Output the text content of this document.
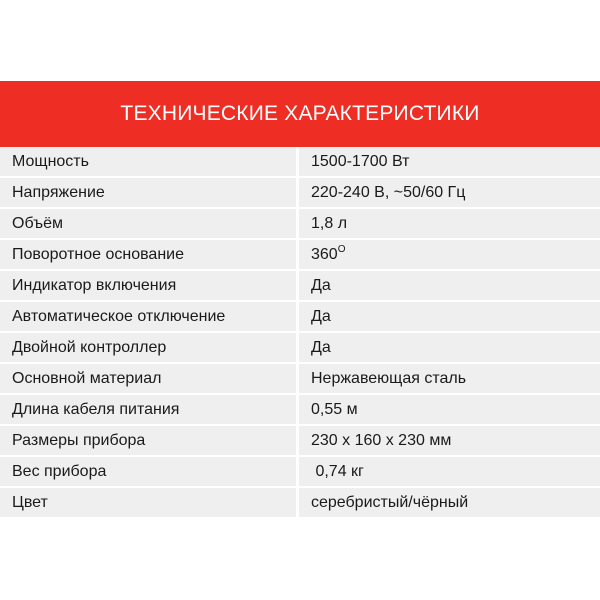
ТЕХНИЧЕСКИЕ ХАРАКТЕРИСТИКИ
Мощность	1500-1700 Вт
Напряжение	220-240 В, ~50/60 Гц
Объём	1,8 л
Поворотное основание	$360^О$
Индикатор включения	Да
Автоматическое отключение	Да
Двойной контроллер	Да
Основной материал	Нержавеющая сталь
Длина кабеля питания	0,55 м
Размеры прибора	230 х 160 х 230 мм
Вес прибора	0,74 кг
Цвет	серебристый/чёрный
